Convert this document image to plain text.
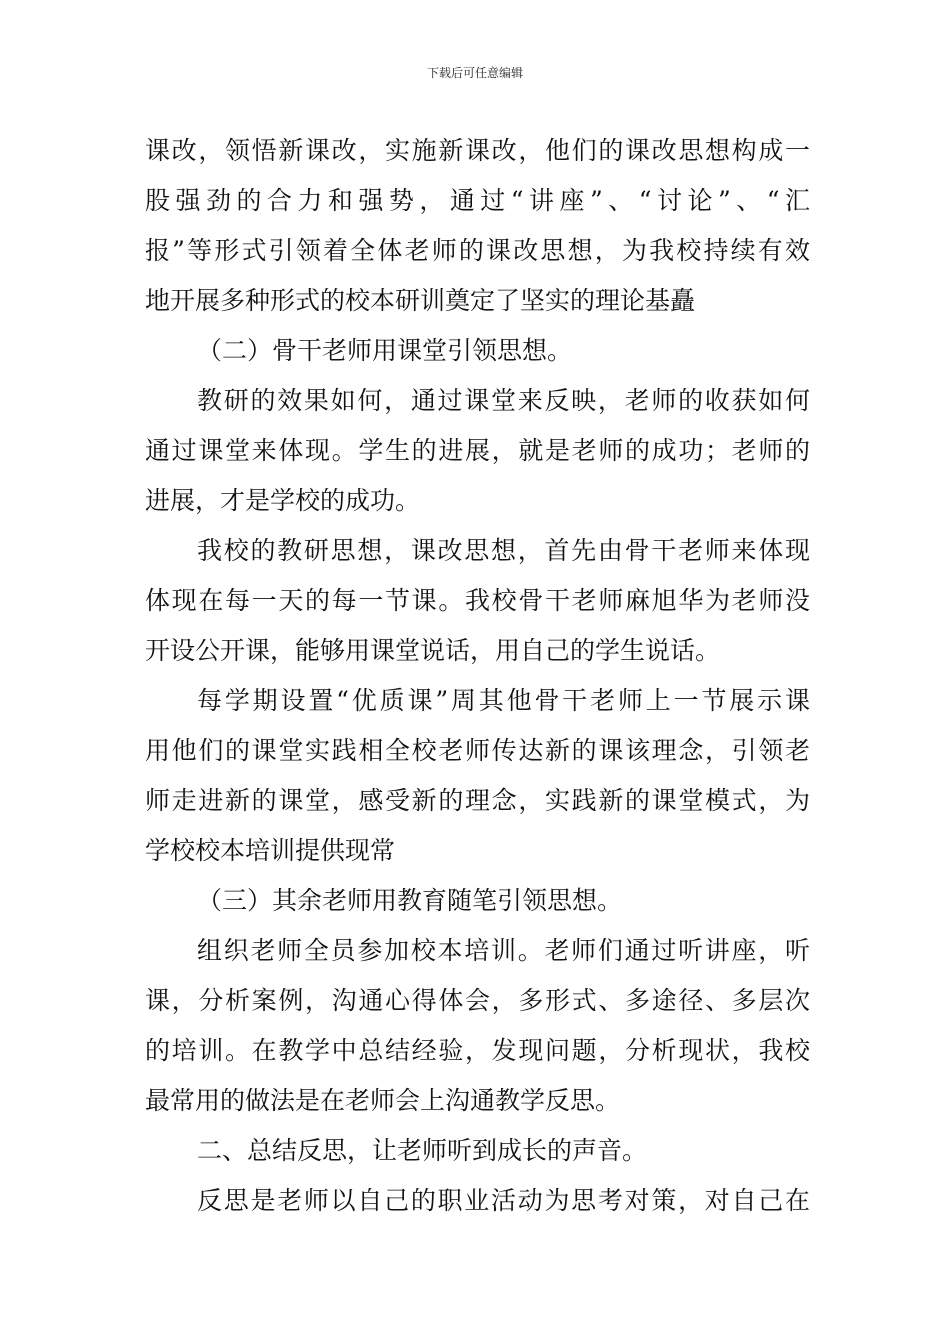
下载后可任意编辑
课改，领悟新课改，实施新课改，他们的课改思想构成一
股强劲的合力和强势，通过“讲座”、“讨论”、“汇
报”等形式引领着全体老师的课改思想，为我校持续有效
地开展多种形式的校本研训奠定了坚实的理论基矗
（二）骨干老师用课堂引领思想。
教研的效果如何，通过课堂来反映，老师的收获如何
通过课堂来体现。学生的进展，就是老师的成功；老师的
进展，才是学校的成功。
我校的教研思想，课改思想，首先由骨干老师来体现
体现在每一天的每一节课。我校骨干老师麻旭华为老师没
开设公开课，能够用课堂说话，用自己的学生说话。
每学期设置“优质课”周其他骨干老师上一节展示课
用他们的课堂实践相全校老师传达新的课该理念，引领老
师走进新的课堂，感受新的理念，实践新的课堂模式，为
学校校本培训提供现常
（三）其余老师用教育随笔引领思想。
组织老师全员参加校本培训。老师们通过听讲座，听
课，分析案例，沟通心得体会，多形式、多途径、多层次
的培训。在教学中总结经验，发现问题，分析现状，我校
最常用的做法是在老师会上沟通教学反思。
二、总结反思，让老师听到成长的声音。
反思是老师以自己的职业活动为思考对策，对自己在
